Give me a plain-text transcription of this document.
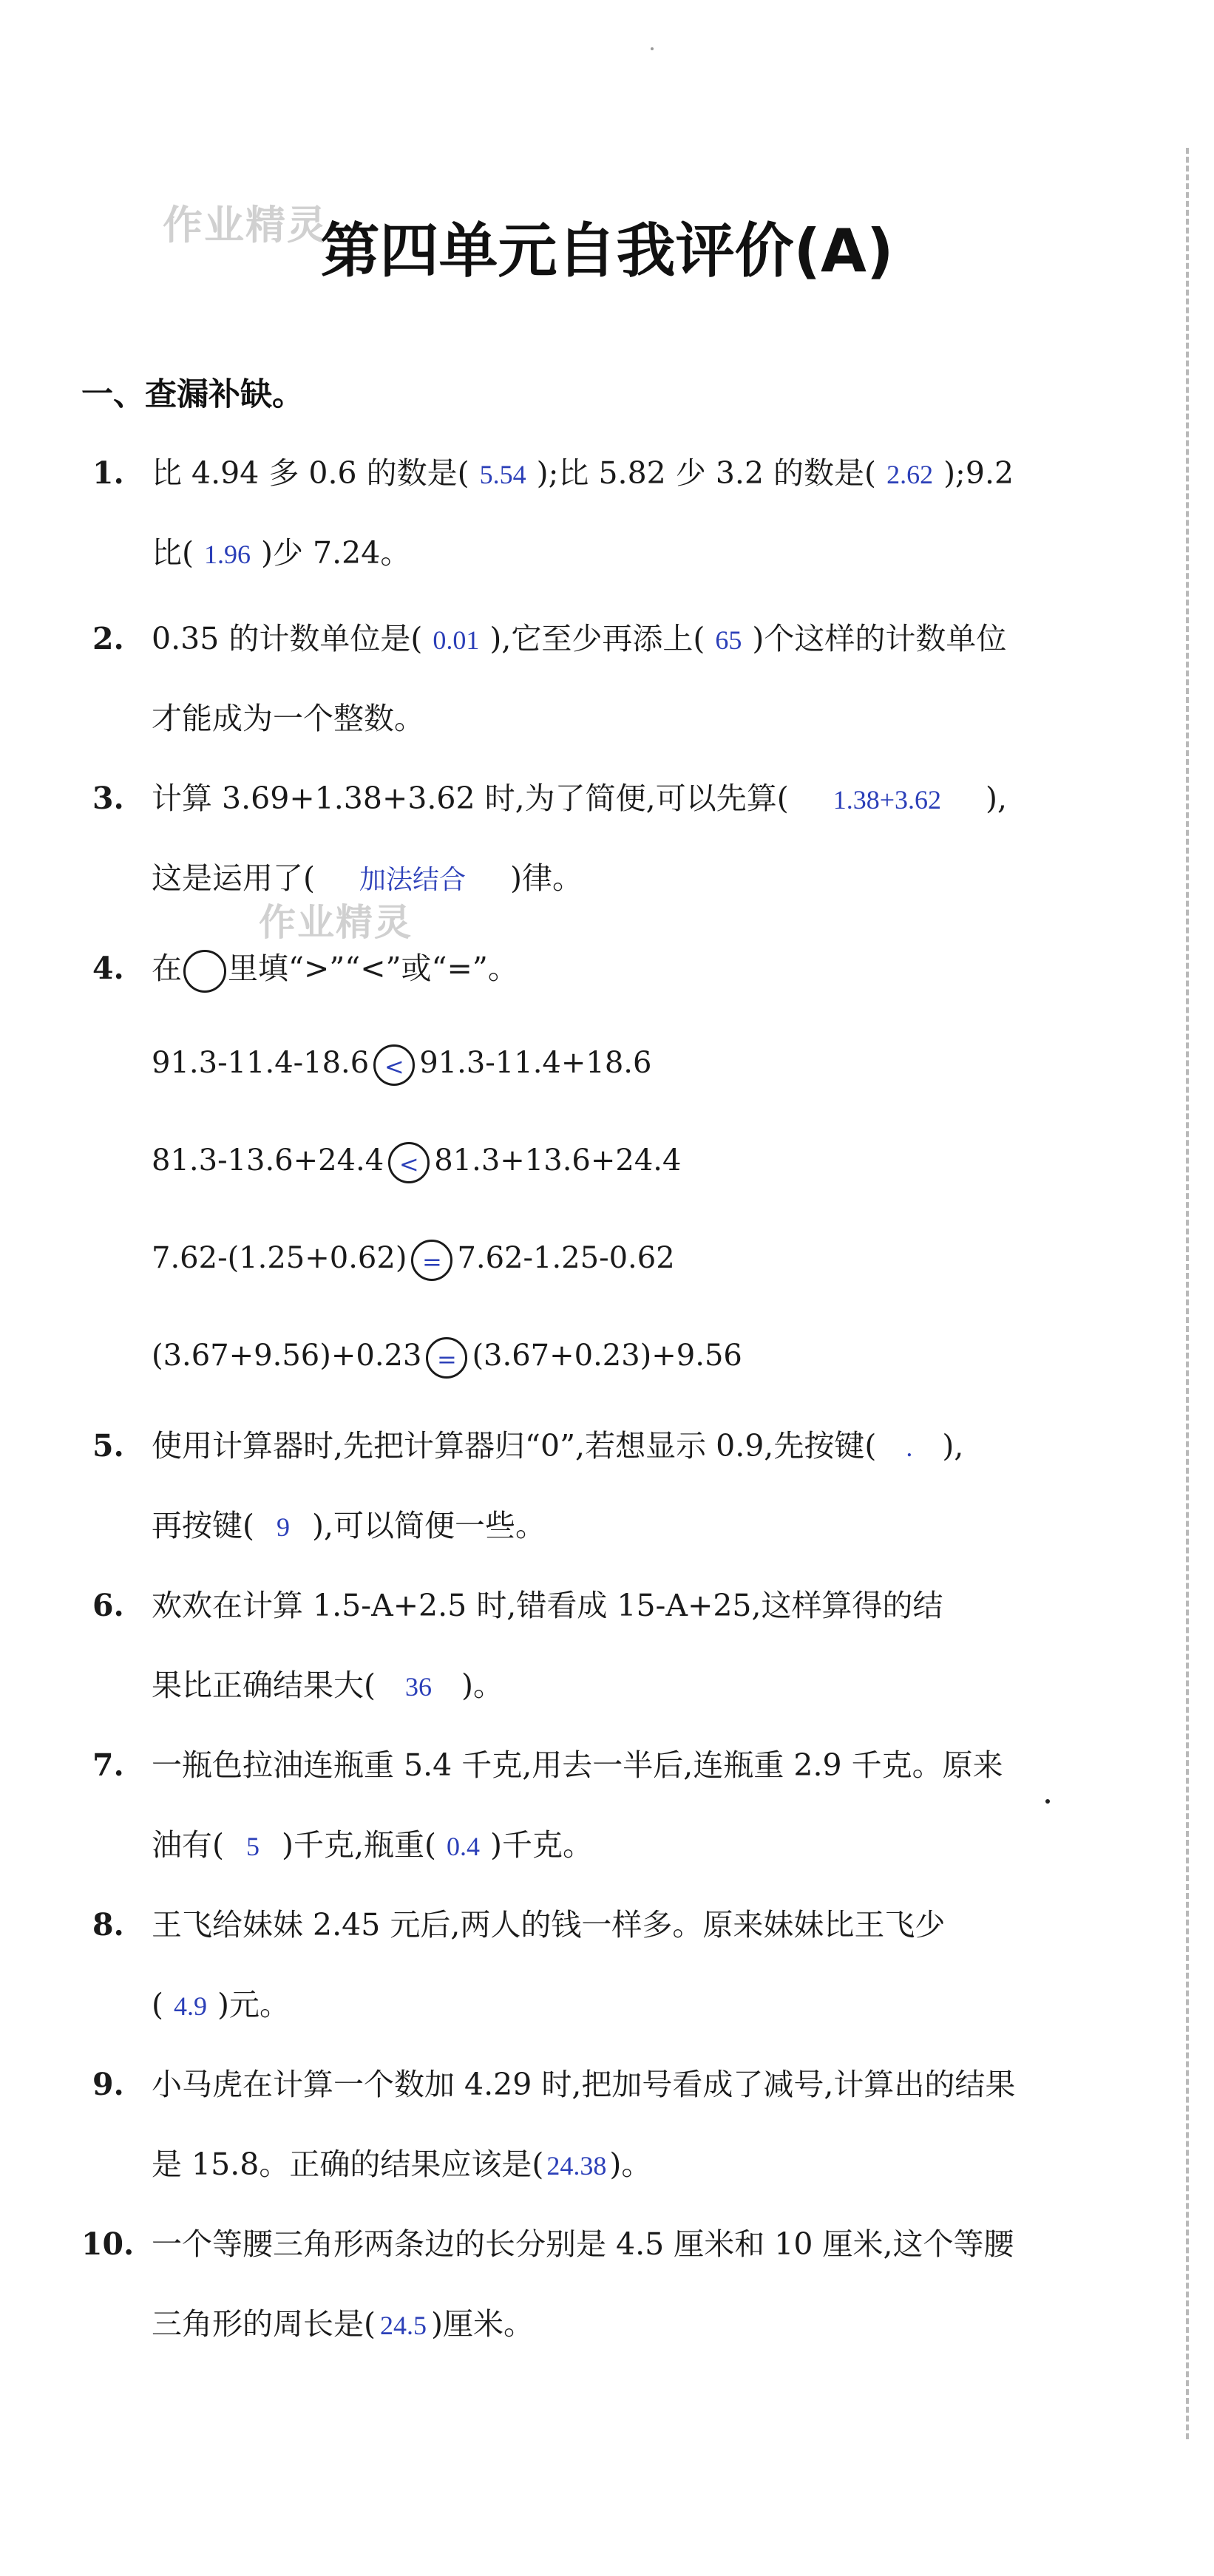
作业精灵
作业精灵
第四单元自我评价(A)
一、查漏补缺。
1. 比 4.94 多 0.6 的数是( 5.54 );比 5.82 少 3.2 的数是( 2.62 );9.2
比( 1.96 )少 7.24。
2. 0.35 的计数单位是( 0.01 ),它至少再添上( 65 )个这样的计数单位
才能成为一个整数。
3. 计算 3.69+1.38+3.62 时,为了简便,可以先算( 1.38+3.62 ),
这是运用了( 加法结合 )律。
4. 在 里填“>”“<”或“=”。
91.3-11.4-18.6 < 91.3-11.4+18.6
81.3-13.6+24.4 < 81.3+13.6+24.4
7.62-(1.25+0.62) = 7.62-1.25-0.62
(3.67+9.56)+0.23 = (3.67+0.23)+9.56
5. 使用计算器时,先把计算器归“0”,若想显示 0.9,先按键( . ),
再按键( 9 ),可以简便一些。
6. 欢欢在计算 1.5-A+2.5 时,错看成 15-A+25,这样算得的结
果比正确结果大( 36 )。
7. 一瓶色拉油连瓶重 5.4 千克,用去一半后,连瓶重 2.9 千克。原来
油有( 5 )千克,瓶重( 0.4 )千克。
8. 王飞给妹妹 2.45 元后,两人的钱一样多。原来妹妹比王飞少
( 4.9 )元。
9. 小马虎在计算一个数加 4.29 时,把加号看成了减号,计算出的结果
是 15.8。正确的结果应该是( 24.38)。
10. 一个等腰三角形两条边的长分别是 4.5 厘米和 10 厘米,这个等腰
三角形的周长是( 24.5 )厘米。
